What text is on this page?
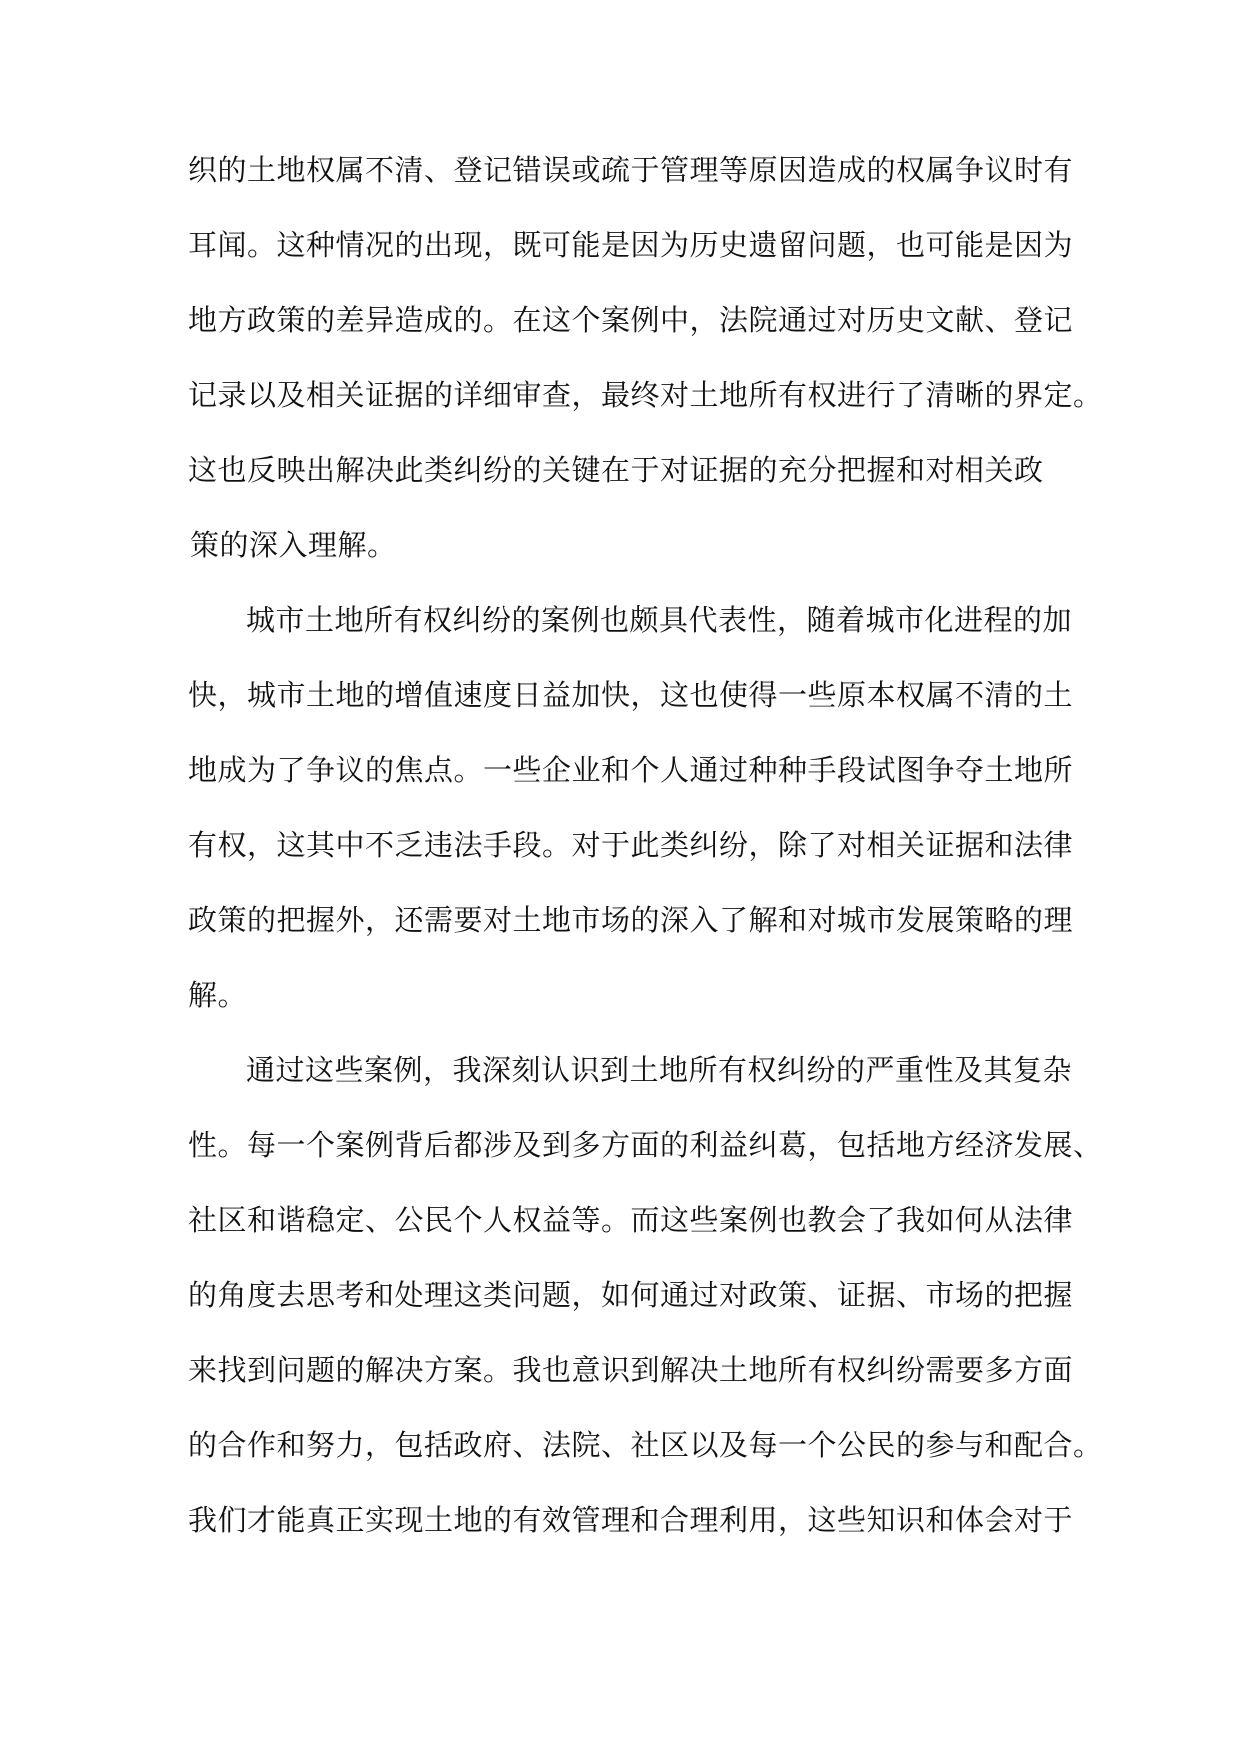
织的土地权属不清、登记错误或疏于管理等原因造成的权属争议时有
耳闻。这种情况的出现，既可能是因为历史遗留问题，也可能是因为
地方政策的差异造成的。在这个案例中，法院通过对历史文献、登记
记录以及相关证据的详细审查，最终对土地所有权进行了清晰的界定。
这也反映出解决此类纠纷的关键在于对证据的充分把握和对相关政
策的深入理解。
城市土地所有权纠纷的案例也颇具代表性，随着城市化进程的加
快，城市土地的增值速度日益加快，这也使得一些原本权属不清的土
地成为了争议的焦点。一些企业和个人通过种种手段试图争夺土地所
有权，这其中不乏违法手段。对于此类纠纷，除了对相关证据和法律
政策的把握外，还需要对土地市场的深入了解和对城市发展策略的理
解。
通过这些案例，我深刻认识到土地所有权纠纷的严重性及其复杂
性。每一个案例背后都涉及到多方面的利益纠葛，包括地方经济发展、
社区和谐稳定、公民个人权益等。而这些案例也教会了我如何从法律
的角度去思考和处理这类问题，如何通过对政策、证据、市场的把握
来找到问题的解决方案。我也意识到解决土地所有权纠纷需要多方面
的合作和努力，包括政府、法院、社区以及每一个公民的参与和配合。
我们才能真正实现土地的有效管理和合理利用，这些知识和体会对于
